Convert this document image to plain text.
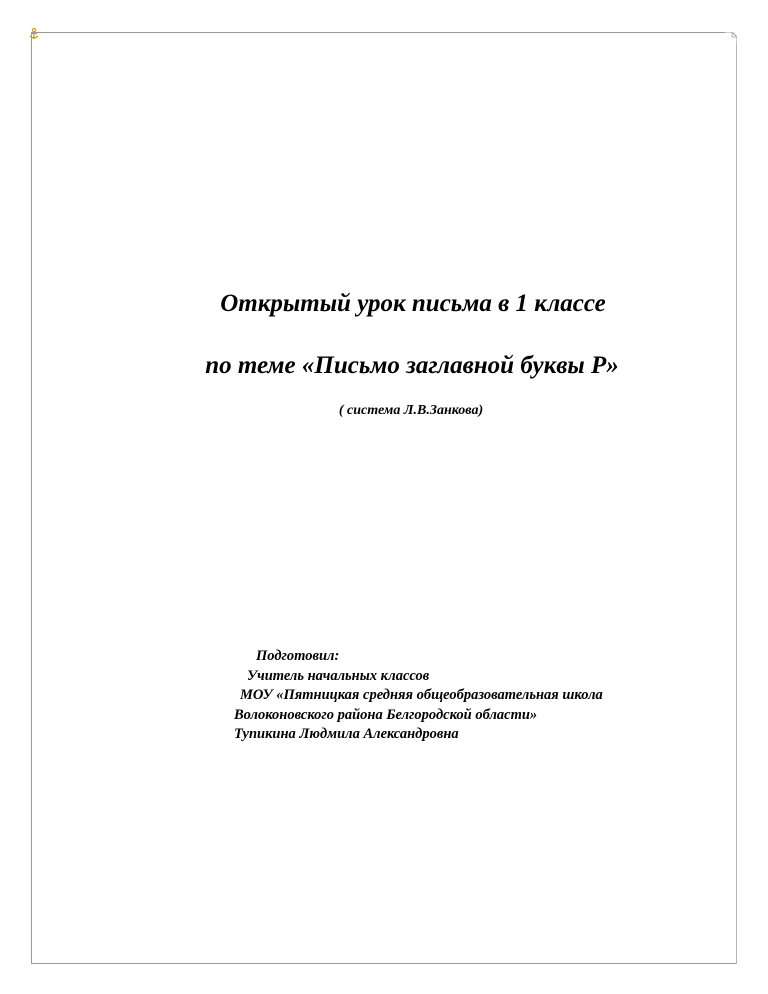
Открытый урок письма в 1 классе
по теме «Письмо заглавной буквы Р»
( система Л.В.Занкова)
Подготовил:
Учитель начальных классов
МОУ «Пятницкая средняя общеобразовательная школа
Волоконовского района Белгородской области»
Тупикина Людмила Александровна
